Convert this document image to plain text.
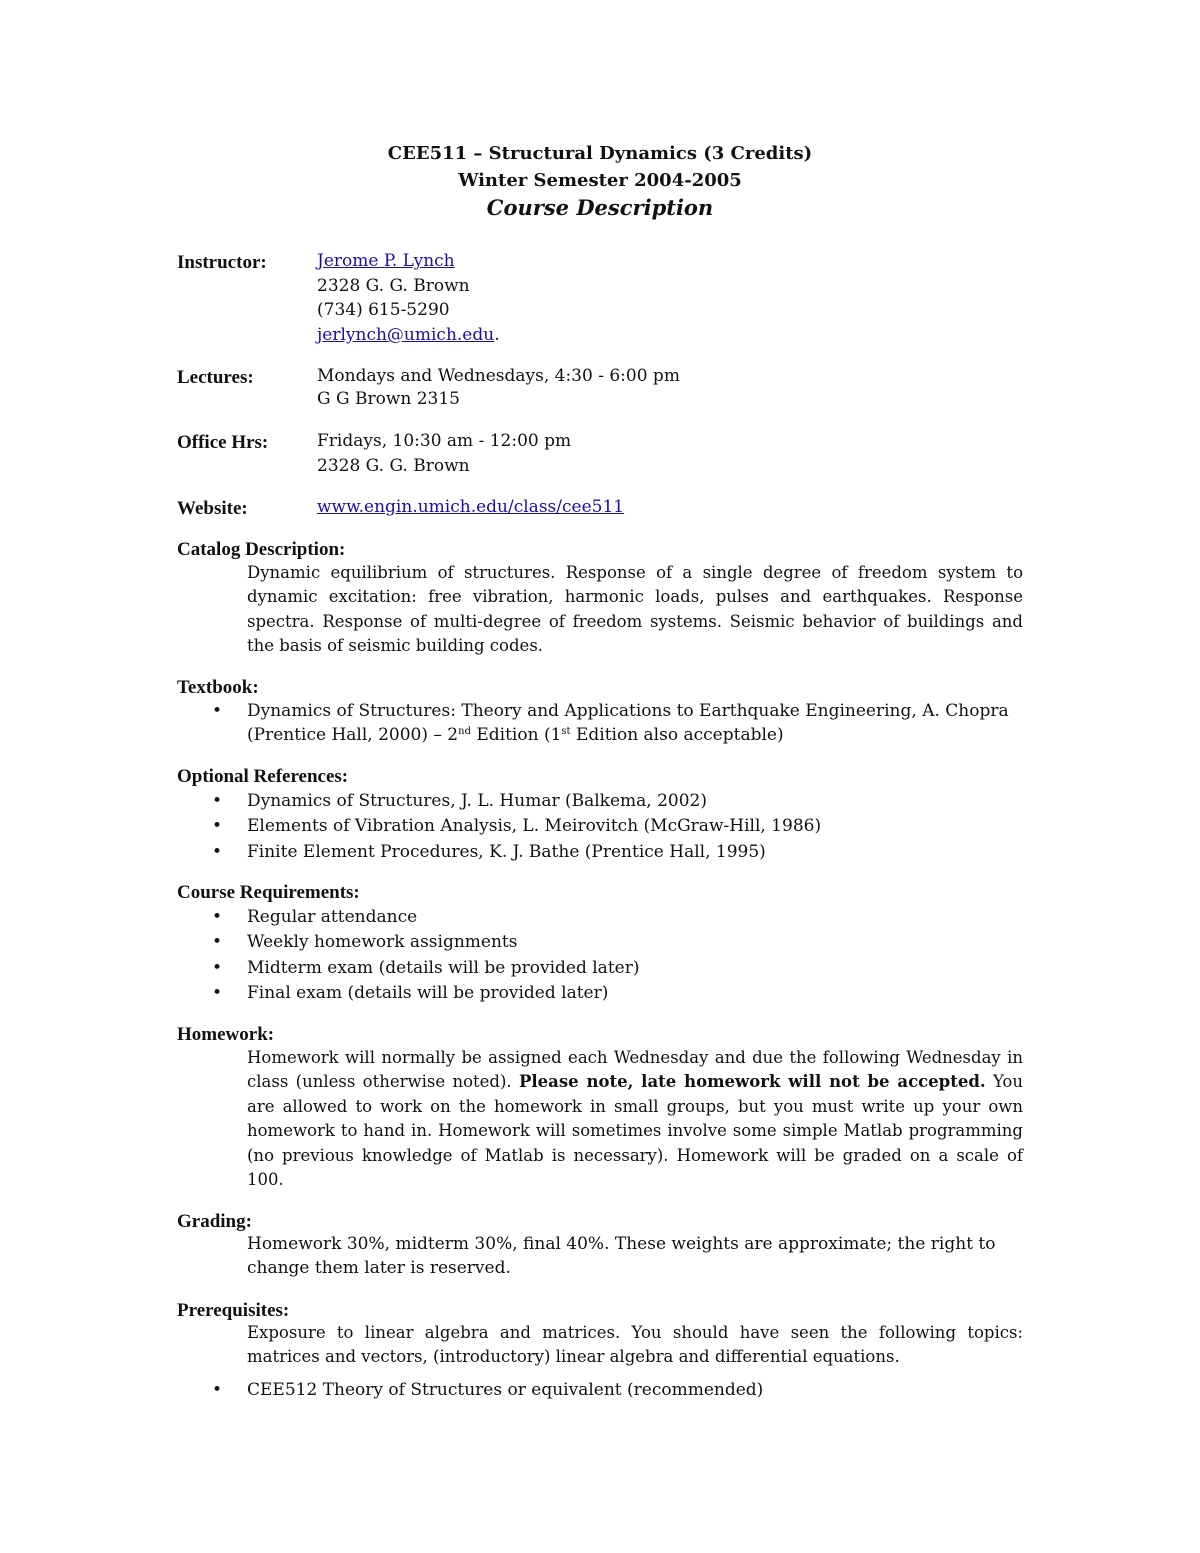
CEE511 – Structural Dynamics (3 Credits)
Winter Semester 2004-2005
Course Description
Instructor:	Jerome P. Lynch
2328 G. G. Brown
(734) 615-5290
jerlynch@umich.edu.
Lectures:	Mondays and Wednesdays, 4:30 - 6:00 pm
G G Brown 2315
Office Hrs:	Fridays, 10:30 am - 12:00 pm
2328 G. G. Brown
Website:	www.engin.umich.edu/class/cee511
Catalog Description:
Dynamic equilibrium of structures. Response of a single degree of freedom system to dynamic excitation: free vibration, harmonic loads, pulses and earthquakes. Response spectra. Response of multi-degree of freedom systems. Seismic behavior of buildings and the basis of seismic building codes.
Textbook:
• Dynamics of Structures: Theory and Applications to Earthquake Engineering, A. Chopra
(Prentice Hall, 2000) – 2nd Edition (1st Edition also acceptable)
Optional References:
• Dynamics of Structures, J. L. Humar (Balkema, 2002)
• Elements of Vibration Analysis, L. Meirovitch (McGraw-Hill, 1986)
• Finite Element Procedures, K. J. Bathe (Prentice Hall, 1995)
Course Requirements:
• Regular attendance
• Weekly homework assignments
• Midterm exam (details will be provided later)
• Final exam (details will be provided later)
Homework:
Homework will normally be assigned each Wednesday and due the following Wednesday in class (unless otherwise noted). Please note, late homework will not be accepted. You are allowed to work on the homework in small groups, but you must write up your own homework to hand in. Homework will sometimes involve some simple Matlab programming (no previous knowledge of Matlab is necessary). Homework will be graded on a scale of 100.
Grading:
Homework 30%, midterm 30%, final 40%. These weights are approximate; the right to
change them later is reserved.
Prerequisites:
Exposure to linear algebra and matrices. You should have seen the following topics: matrices and vectors, (introductory) linear algebra and differential equations.
• CEE512 Theory of Structures or equivalent (recommended)
